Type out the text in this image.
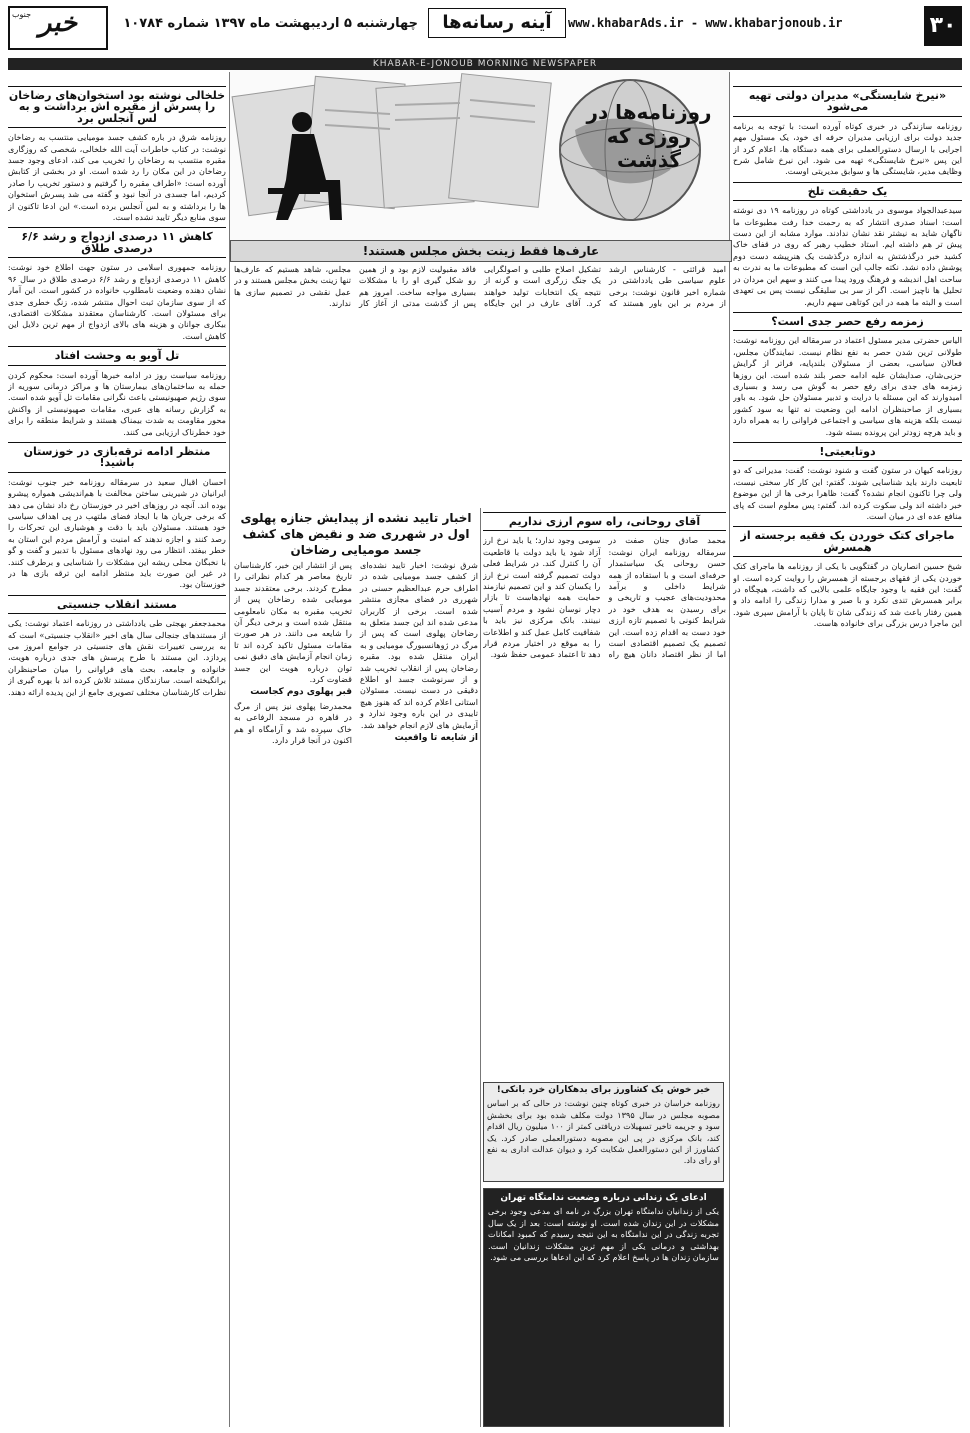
۳۰
www.khabarAds.ir - www.khabarjonoub.ir
آینه رسانه‌ها
چهارشنبه ۵ اردیبهشت ماه ۱۳۹۷ شماره ۱۰۷۸۴
جنوب خبر
KHABAR-E-JONOUB MORNING NEWSPAPER
روزنامه‌ها در روزی که گذشت
«نیرخ شایستگی» مدیران دولتی تهیه می‌شود

روزنامه سازندگی در خبری کوتاه آورده است: با توجه به برنامه جدید دولت برای ارزیابی مدیران حرفه ای خود، یک مسئول مهم اجرایی با ارسال دستورالعملی برای همه دستگاه ها، اعلام کرد از این پس «نیرخ شایستگی» تهیه می شود. این نیرخ شامل شرح وظایف مدیر، شایستگی ها و سوابق مدیریتی اوست.

یک حقیقت تلخ

سیدعبدالجواد موسوی در یادداشتی کوتاه در روزنامه ۱۹ دی نوشته است: اسناد صدری انتشار که به رحمت خدا رفت مطبوعات ما ناگهان شاید به نیشتر نقد نشان ندادند. موارد مشابه از این دست پیش تر هم داشته ایم. استاد خطیب رهبر که روی در قفای خاک کشید خبر درگذشتش به اندازه درگذشت یک هنرپیشه دست دوم پوشش داده نشد. نکته جالب این است که مطبوعات ما به ندرت به ساحت اهل اندیشه و فرهنگ ورود پیدا می کنند و سهم این مردان در تحلیل ها ناچیز است. اگر از سر بی سلیقگی نیست پس بی تعهدی است و البته ما همه در این کوتاهی سهم داریم.

زمزمه رفع حصر جدی است؟

الیاس حضرتی مدیر مسئول اعتماد در سرمقاله این روزنامه نوشت: طولانی ترین شدن حصر به نفع نظام نیست. نمایندگان مجلس، فعالان سیاسی، بعضی از مسئولان بلندپایه، فراتر از گرایش حزبی‌شان، صدایشان علیه ادامه حصر بلند شده است. این روزها زمزمه های جدی برای رفع حصر به گوش می رسد و بسیاری امیدوارند که این مسئله با درایت و تدبیر مسئولان حل شود. به باور بسیاری از صاحبنظران ادامه این وضعیت نه تنها به سود کشور نیست بلکه هزینه های سیاسی و اجتماعی فراوانی را به همراه دارد و باید هرچه زودتر این پرونده بسته شود.

دوتابعیتی!

روزنامه کیهان در ستون گفت و شنود نوشت: گفت: مدیرانی که دو تابعیت دارند باید شناسایی شوند. گفتم: این کار کار سختی نیست، ولی چرا تاکنون انجام نشده؟ گفت: ظاهرا برخی ها از این موضوع خبر داشته اند ولی سکوت کرده اند. گفتم: پس معلوم است که پای منافع عده ای در میان است.

ماجرای کتک خوردن یک فقیه برجسته از همسرش

شیخ حسین انصاریان در گفتگویی با یکی از روزنامه ها ماجرای کتک خوردن یکی از فقهای برجسته از همسرش را روایت کرده است. او گفت: این فقیه با وجود جایگاه علمی بالایی که داشت، هیچگاه در برابر همسرش تندی نکرد و با صبر و مدارا زندگی را ادامه داد و همین رفتار باعث شد که زندگی شان تا پایان با آرامش سپری شود. این ماجرا درس بزرگی برای خانواده هاست.

عارف‌ها فقط زینت بخش مجلس هستند!

امید قرائتی - کارشناس ارشد علوم سیاسی طی یادداشتی در شماره اخیر قانون نوشت: برخی از مردم بر این باور هستند که تشکیل اصلاح طلبی و اصولگرایی یک جنگ زرگری است و گرنه از نتیجه یک انتخابات تولید خواهند کرد. آقای عارف در این جایگاه فاقد مقبولیت لازم بود و از همین رو شکل گیری او را با مشکلات بسیاری مواجه ساخت. امروز هم پس از گذشت مدتی از آغاز کار مجلس، شاهد هستیم که عارف‌ها تنها زینت بخش مجلس هستند و در عمل نقشی در تصمیم سازی ها ندارند.

آقای روحانی، راه سوم ارزی نداریم

محمد صادق جنان صفت در سرمقاله روزنامه ایران نوشت: حسن روحانی یک سیاستمدار حرفه‌ای است و با استفاده از همه شرایط داخلی و برآمد محدودیت‌های عجیب و تاریخی و برای رسیدن به هدف خود در شرایط کنونی با تصمیم تازه ارزی خود دست به اقدام زده است. این تصمیم یک تصمیم اقتصادی است اما از نظر اقتصاد دانان هیچ راه سومی وجود ندارد؛ یا باید نرخ ارز آزاد شود یا باید دولت با قاطعیت آن را کنترل کند. در شرایط فعلی دولت تصمیم گرفته است نرخ ارز را یکسان کند و این تصمیم نیازمند حمایت همه نهادهاست تا بازار دچار نوسان نشود و مردم آسیب نبینند. بانک مرکزی نیز باید با شفافیت کامل عمل کند و اطلاعات را به موقع در اختیار مردم قرار دهد تا اعتماد عمومی حفظ شود.

خبر خوش یک کشاورز برای بدهکاران خرد بانکی!

روزنامه خراسان در خبری کوتاه چنین نوشت: در حالی که بر اساس مصوبه مجلس در سال ۱۳۹۵ دولت مکلف شده بود برای بخشش سود و جریمه تاخیر تسهیلات دریافتی کمتر از ۱۰۰ میلیون ریال اقدام کند، بانک مرکزی در پی این مصوبه دستورالعملی صادر کرد. یک کشاورز از این دستورالعمل شکایت کرد و دیوان عدالت اداری به نفع او رای داد.

ادعای یک زندانی درباره وضعیت ندامتگاه تهران

یکی از زندانیان ندامتگاه تهران بزرگ در نامه ای مدعی وجود برخی مشکلات در این زندان شده است. او نوشته است: بعد از یک سال تجربه زندگی در این ندامتگاه به این نتیجه رسیدم که کمبود امکانات بهداشتی و درمانی یکی از مهم ترین مشکلات زندانیان است. سازمان زندان ها در پاسخ اعلام کرد که این ادعاها بررسی می شود.

اخبار تایید نشده از پیدایش جنازه پهلوی اول در شهرری ضد و نقیض های کشف جسد مومیایی رضاخان

شرق نوشت: اخبار تایید نشده‌ای از کشف جسد مومیایی شده در اطراف حرم عبدالعظیم حسنی در شهرری در فضای مجازی منتشر شده است. برخی از کاربران مدعی شده اند این جسد متعلق به رضاخان پهلوی است که پس از مرگ در ژوهانسبورگ مومیایی و به ایران منتقل شده بود. مقبره رضاخان پس از انقلاب تخریب شد و از سرنوشت جسد او اطلاع دقیقی در دست نیست. مسئولان استانی اعلام کرده اند که هنوز هیچ تاییدی در این باره وجود ندارد و آزمایش های لازم انجام خواهد شد.

از شایعه تا واقعیت

پس از انتشار این خبر، کارشناسان تاریخ معاصر هر کدام نظراتی را مطرح کردند. برخی معتقدند جسد مومیایی شده رضاخان پس از تخریب مقبره به مکان نامعلومی منتقل شده است و برخی دیگر آن را شایعه می دانند. در هر صورت مقامات مسئول تاکید کرده اند تا زمان انجام آزمایش های دقیق نمی توان درباره هویت این جسد قضاوت کرد.

قبر پهلوی دوم کجاست

محمدرضا پهلوی نیز پس از مرگ در قاهره در مسجد الرفاعی به خاک سپرده شد و آرامگاه او هم اکنون در آنجا قرار دارد.

خلخالی نوشته بود استخوان‌های رضاخان را پسرش از مقبره اش برداشت و به لس آنجلس برد

روزنامه شرق در باره کشف جسد مومیایی منتسب به رضاخان نوشت: در کتاب خاطرات آیت الله خلخالی، شخصی که روزگاری مقبره منتسب به رضاخان را تخریب می کند، ادعای وجود جسد رضاخان در این مکان را رد شده است. او در بخشی از کتابش آورده است: «اطراف مقبره را گرفتیم و دستور تخریب را صادر کردیم، اما جسدی در آنجا نبود و گفته می شد پسرش استخوان ها را برداشته و به لس آنجلس برده است.» این ادعا تاکنون از سوی منابع دیگر تایید نشده است.

کاهش ۱۱ درصدی ازدواج و رشد ۶/۶ درصدی طلاق

روزنامه جمهوری اسلامی در ستون جهت اطلاع خود نوشت: کاهش ۱۱ درصدی ازدواج و رشد ۶/۶ درصدی طلاق در سال ۹۶ نشان دهنده وضعیت نامطلوب خانواده در کشور است. این آمار که از سوی سازمان ثبت احوال منتشر شده، زنگ خطری جدی برای مسئولان است. کارشناسان معتقدند مشکلات اقتصادی، بیکاری جوانان و هزینه های بالای ازدواج از مهم ترین دلایل این کاهش است.

تل آویو به وحشت افتاد

روزنامه سیاست روز در ادامه خبرها آورده است: محکوم کردن حمله به ساختمان‌های بیمارستان ها و مراکز درمانی سوریه از سوی رژیم صهیونیستی باعث نگرانی مقامات تل آویو شده است. به گزارش رسانه های عبری، مقامات صهیونیستی از واکنش محور مقاومت به شدت بیمناک هستند و شرایط منطقه را برای خود خطرناک ارزیابی می کنند.

منتظر ادامه ترقه‌بازی در خوزستان باشید!

احسان اقبال سعید در سرمقاله روزنامه خبر جنوب نوشت: ایرانیان در شیرینی ساختن مخالفت با هم‌اندیشی همواره پیشرو بوده اند. آنچه در روزهای اخیر در خوزستان رخ داد نشان می دهد که برخی جریان ها با ایجاد فضای ملتهب در پی اهداف سیاسی خود هستند. مسئولان باید با دقت و هوشیاری این تحرکات را رصد کنند و اجازه ندهند که امنیت و آرامش مردم این استان به خطر بیفتد. انتظار می رود نهادهای مسئول با تدبیر و گفت و گو با نخبگان محلی ریشه این مشکلات را شناسایی و برطرف کنند. در غیر این صورت باید منتظر ادامه این ترقه بازی ها در خوزستان بود.

مستند انقلاب جنسیتی

محمدجعفر بهجتی طی یادداشتی در روزنامه اعتماد نوشت: یکی از مستندهای جنجالی سال های اخیر «انقلاب جنسیتی» است که به بررسی تغییرات نقش های جنسیتی در جوامع امروز می پردازد. این مستند با طرح پرسش های جدی درباره هویت، خانواده و جامعه، بحث های فراوانی را میان صاحبنظران برانگیخته است. سازندگان مستند تلاش کرده اند با بهره گیری از نظرات کارشناسان مختلف تصویری جامع از این پدیده ارائه دهند.
